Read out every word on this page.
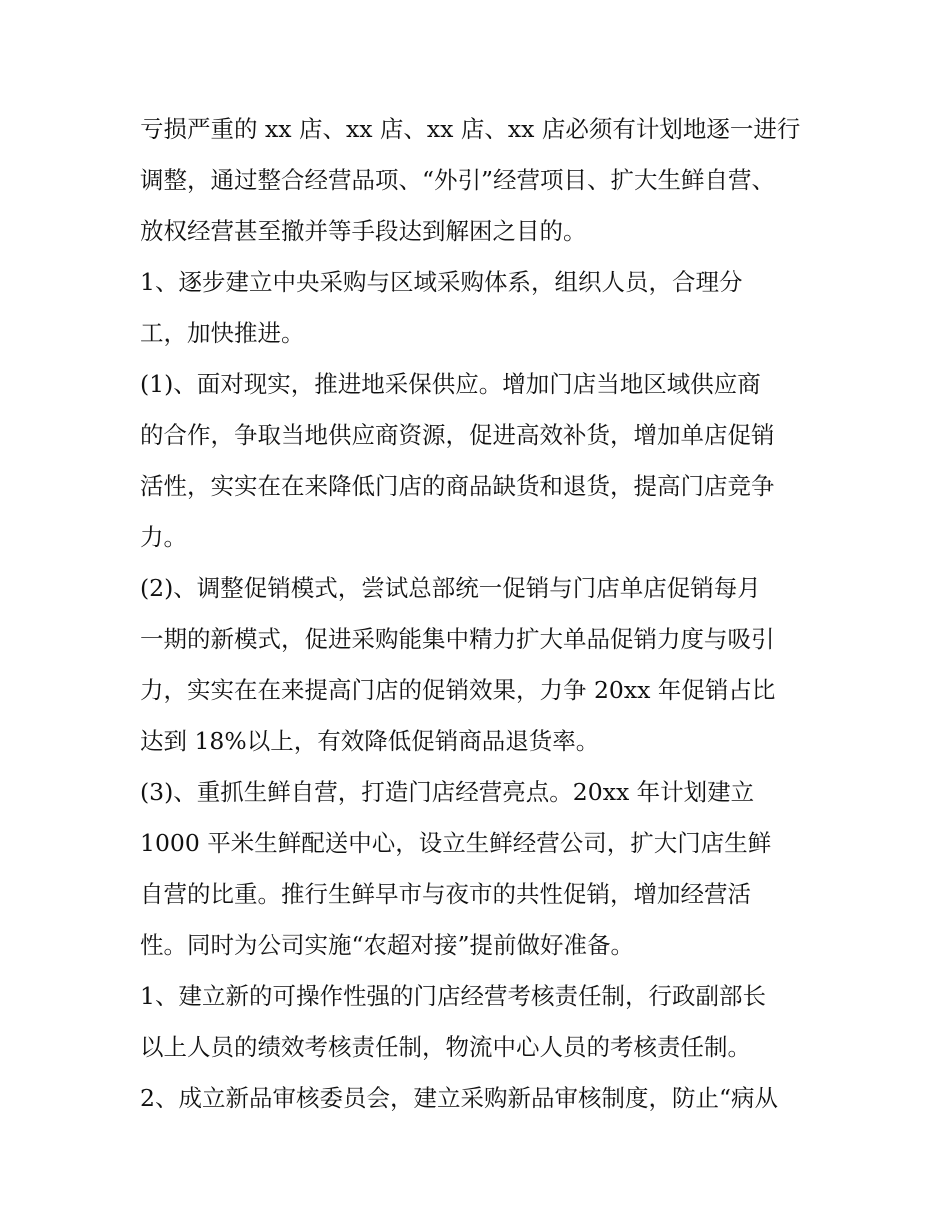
亏损严重的 xx 店、xx 店、xx 店、xx 店必须有计划地逐一进行
调整，通过整合经营品项、“外引”经营项目、扩大生鲜自营、
放权经营甚至撤并等手段达到解困之目的。
1、逐步建立中央采购与区域采购体系，组织人员，合理分
工，加快推进。
(1)、面对现实，推进地采保供应。增加门店当地区域供应商
的合作，争取当地供应商资源，促进高效补货，增加单店促销
活性，实实在在来降低门店的商品缺货和退货，提高门店竞争
力。
(2)、调整促销模式，尝试总部统一促销与门店单店促销每月
一期的新模式，促进采购能集中精力扩大单品促销力度与吸引
力，实实在在来提高门店的促销效果，力争 20xx 年促销占比
达到 18%以上，有效降低促销商品退货率。
(3)、重抓生鲜自营，打造门店经营亮点。20xx 年计划建立
1000 平米生鲜配送中心，设立生鲜经营公司，扩大门店生鲜
自营的比重。推行生鲜早市与夜市的共性促销，增加经营活
性。同时为公司实施“农超对接”提前做好准备。
1、建立新的可操作性强的门店经营考核责任制，行政副部长
以上人员的绩效考核责任制，物流中心人员的考核责任制。
2、成立新品审核委员会，建立采购新品审核制度，防止“病从
